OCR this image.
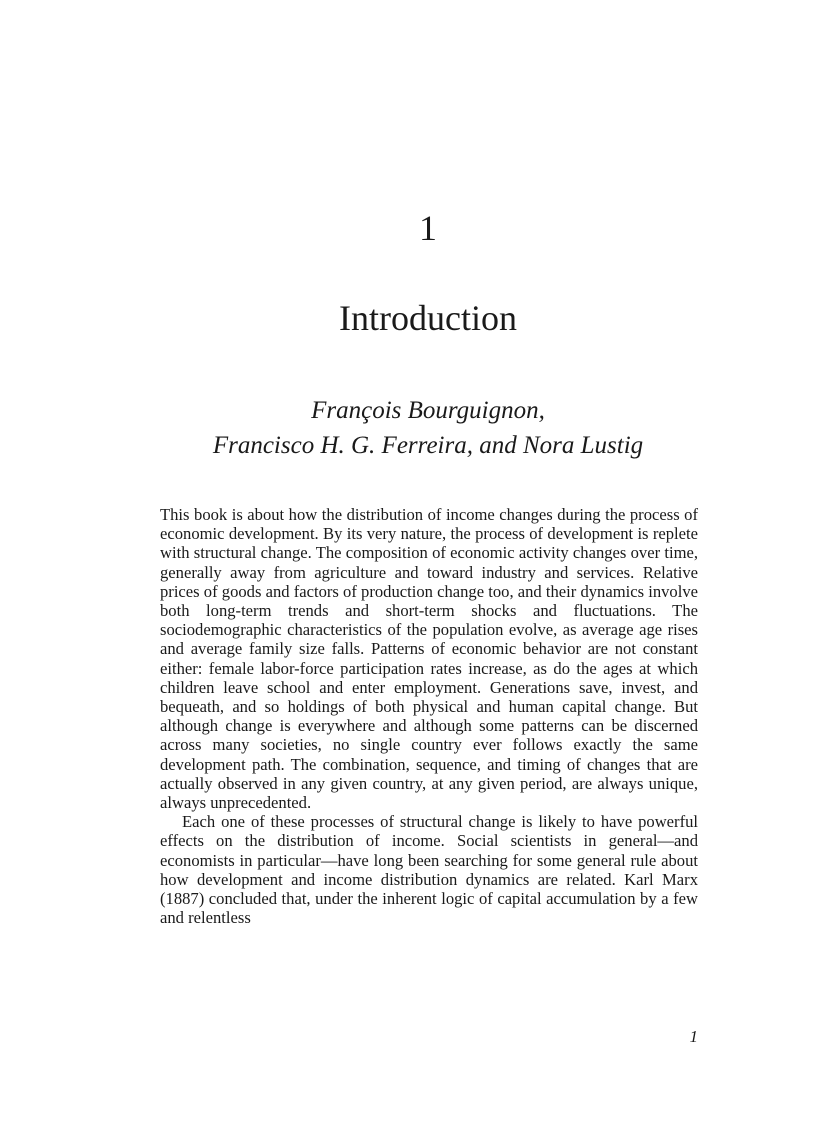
1
Introduction
François Bourguignon,
Francisco H. G. Ferreira, and Nora Lustig

This book is about how the distribution of income changes during the process of economic development. By its very nature, the process of development is replete with structural change. The composition of economic activity changes over time, generally away from agriculture and toward industry and services. Relative prices of goods and factors of production change too, and their dynamics involve both long-term trends and short-term shocks and fluctuations. The sociodemographic characteristics of the population evolve, as average age rises and average family size falls. Patterns of economic behavior are not constant either: female labor-force participation rates increase, as do the ages at which children leave school and enter employment. Generations save, invest, and bequeath, and so holdings of both physical and human capital change. But although change is everywhere and although some patterns can be discerned across many societies, no single country ever follows exactly the same development path. The combination, sequence, and timing of changes that are actually observed in any given country, at any given period, are always unique, always unprecedented.

Each one of these processes of structural change is likely to have powerful effects on the distribution of income. Social scientists in general—and economists in particular—have long been searching for some general rule about how development and income distribution dynamics are related. Karl Marx (1887) concluded that, under the inherent logic of capital accumulation by a few and relentless

1
